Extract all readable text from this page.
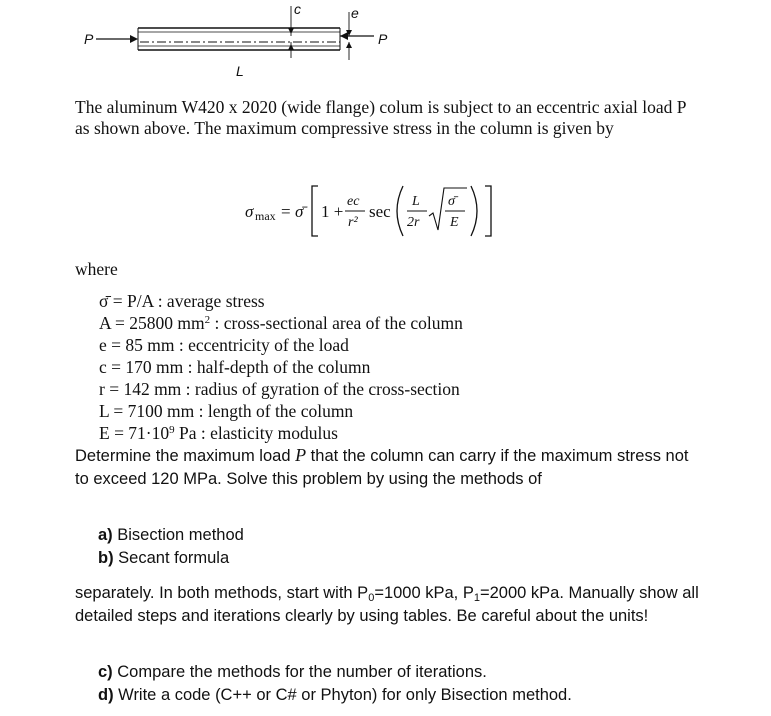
P
c	e
P
L
The aluminum W420 x 2020 (wide flange) colum is subject to an eccentric axial load P as shown above. The maximum compressive stress in the column is given by
σ max = σ̄ 1 +
ec
r²
sec
L
2r
σ̄
E
where
σ̄ = P/A : average stress
A = 25800 $mm^2$ : cross-sectional area of the column
e = 85 mm : eccentricity of the load
c = 170 mm : half-depth of the column
r = 142 mm : radius of gyration of the cross-section
L = 7100 mm : length of the column
$E = 71\cdot 10^9$ Pa : elasticity modulus
Determine the maximum load P that the column can carry if the maximum stress not to exceed 120 MPa. Solve this problem by using the methods of
a) Bisection method
b) Secant formula
separately. In both methods, start with $P_0=1000$ kPa, $P_1=2000$ kPa. Manually show all detailed steps and iterations clearly by using tables. Be careful about the units!
c) Compare the methods for the number of iterations.
d) Write a code (C++ or C# or Phyton) for only Bisection method.
